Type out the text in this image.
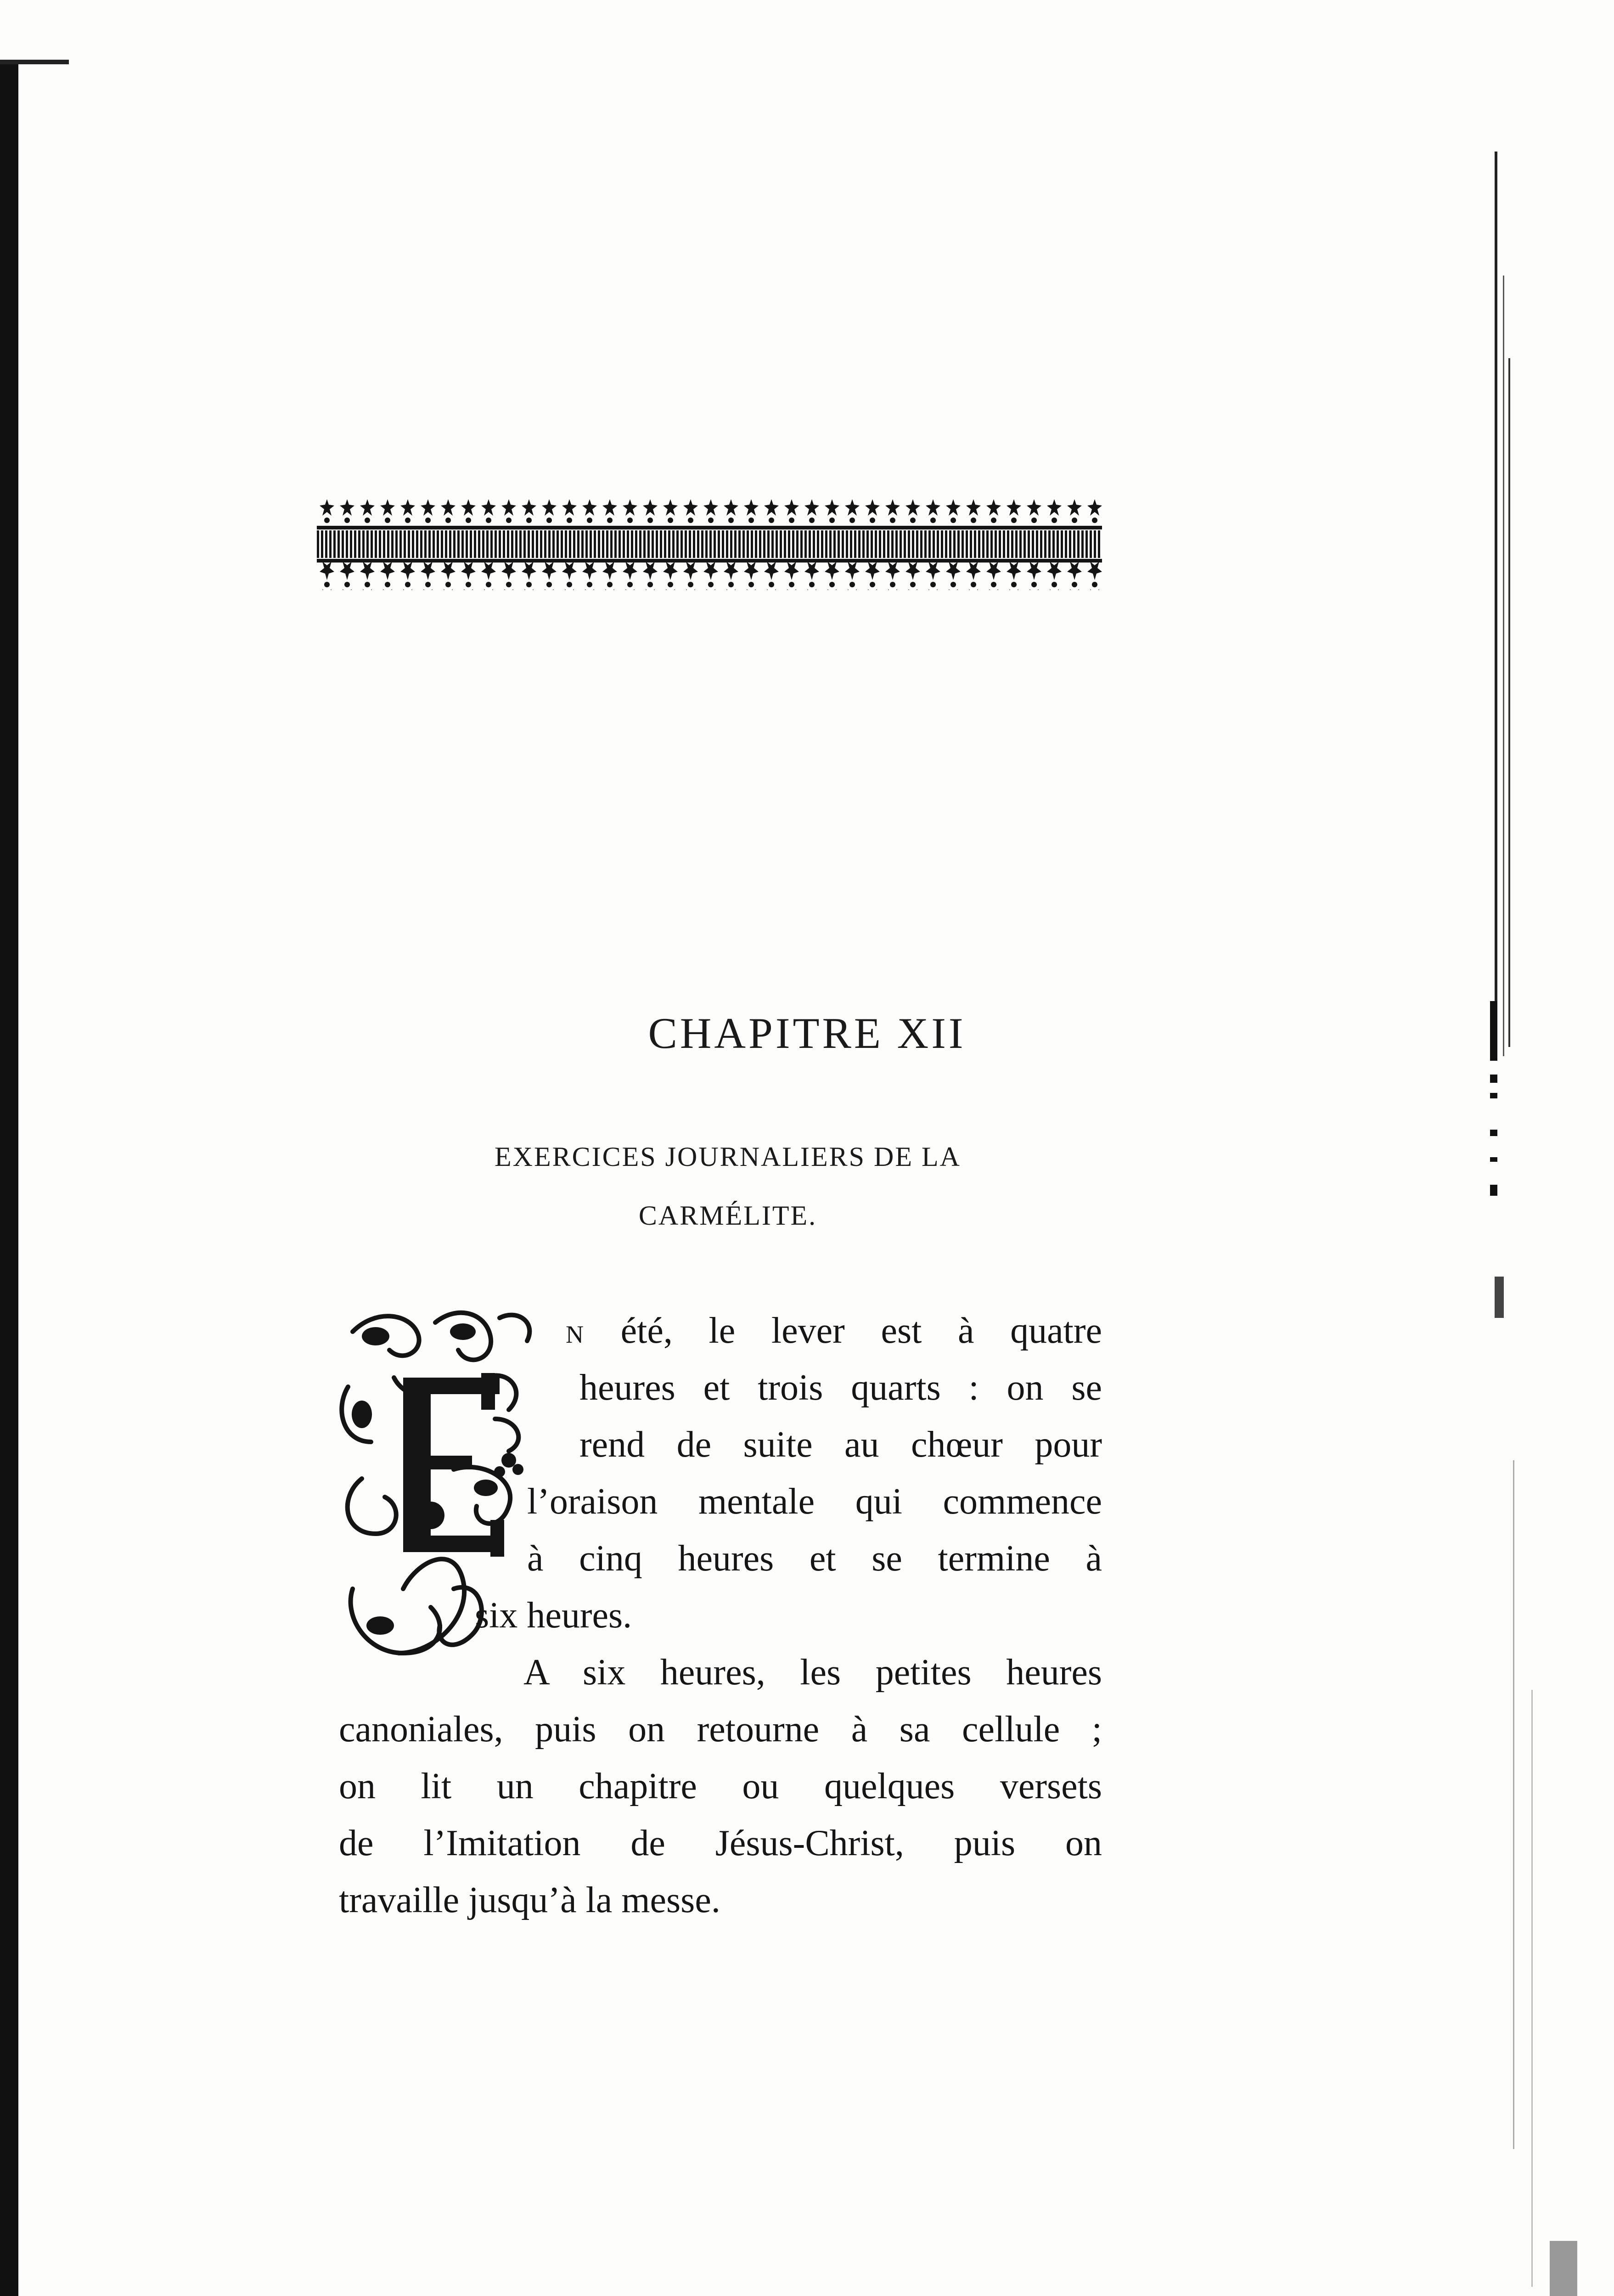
CHAPITRE XII
EXERCICES JOURNALIERS DE LA
CARMÉLITE.
N été, le lever est à quatre
heures et trois quarts : on se
rend de suite au chœur pour
l’oraison mentale qui commence
à cinq heures et se termine à
six heures.
A six heures, les petites heures
canoniales, puis on retourne à sa cellule ;
on lit un chapitre ou quelques versets
de l’Imitation de Jésus-Christ, puis on
travaille jusqu’à la messe.
